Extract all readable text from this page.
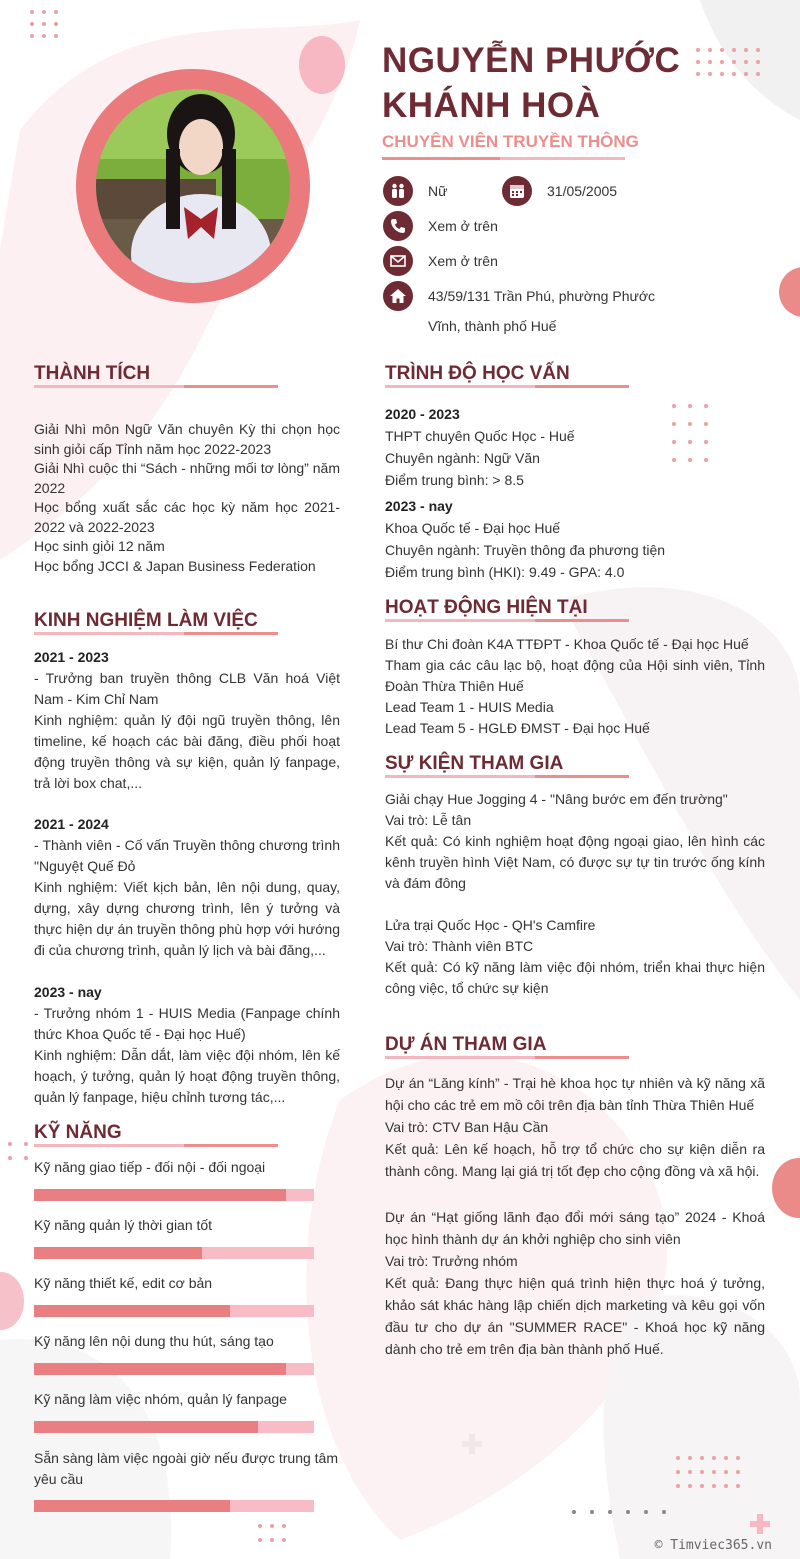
NGUYỄN PHƯỚC
KHÁNH HOÀ
CHUYÊN VIÊN TRUYỀN THÔNG
Nữ	31/05/2005
Xem ở trên
Xem ở trên
43/59/131 Trần Phú, phường Phước
Vĩnh, thành phố Huế
THÀNH TÍCH
Giải Nhì môn Ngữ Văn chuyên Kỳ thi chọn học sinh giỏi cấp Tỉnh năm học 2022-2023
Giải Nhì cuộc thi “Sách - những mối tơ lòng” năm 2022
Học bổng xuất sắc các học kỳ năm học 2021-2022 và 2022-2023
Học sinh giỏi 12 năm
Học bổng JCCI & Japan Business Federation
KINH NGHIỆM LÀM VIỆC
2021 - 2023
- Trưởng ban truyền thông CLB Văn hoá Việt Nam - Kim Chỉ Nam
Kinh nghiệm: quản lý đội ngũ truyền thông, lên timeline, kế hoạch các bài đăng, điều phối hoạt động truyền thông và sự kiện, quản lý fanpage, trả lời box chat,...
2021 - 2024
- Thành viên - Cố vấn Truyền thông chương trình "Nguyệt Quế Đỏ
Kinh nghiệm: Viết kịch bản, lên nội dung, quay, dựng, xây dựng chương trình, lên ý tưởng và thực hiện dự án truyền thông phù hợp với hướng đi của chương trình, quản lý lịch và bài đăng,...
2023 - nay
- Trưởng nhóm 1 - HUIS Media (Fanpage chính thức Khoa Quốc tế - Đại học Huế)
Kinh nghiệm: Dẫn dắt, làm việc đội nhóm, lên kế hoạch, ý tưởng, quản lý hoạt động truyền thông, quản lý fanpage, hiệu chỉnh tương tác,...
KỸ NĂNG
Kỹ năng giao tiếp - đối nội - đối ngoại
Kỹ năng quản lý thời gian tốt
Kỹ năng thiết kế, edit cơ bản
Kỹ năng lên nội dung thu hút, sáng tạo
Kỹ năng làm việc nhóm, quản lý fanpage
Sẵn sàng làm việc ngoài giờ nếu được trung tâm yêu cầu
TRÌNH ĐỘ HỌC VẤN
2020 - 2023
THPT chuyên Quốc Học - Huế
Chuyên ngành: Ngữ Văn
Điểm trung bình: > 8.5
2023 - nay
Khoa Quốc tế - Đại học Huế
Chuyên ngành: Truyền thông đa phương tiện
Điểm trung bình (HKI): 9.49 - GPA: 4.0
HOẠT ĐỘNG HIỆN TẠI
Bí thư Chi đoàn K4A TTĐPT - Khoa Quốc tế - Đại học Huế
Tham gia các câu lạc bộ, hoạt động của Hội sinh viên, Tỉnh Đoàn Thừa Thiên Huế
Lead Team 1 - HUIS Media
Lead Team 5 - HGLĐ ĐMST - Đại học Huế
SỰ KIỆN THAM GIA
Giải chạy Hue Jogging 4 - "Nâng bước em đến trường"
Vai trò: Lễ tân
Kết quả: Có kinh nghiệm hoạt động ngoại giao, lên hình các kênh truyền hình Việt Nam, có được sự tự tin trước ống kính và đám đông
Lửa trại Quốc Học - QH's Camfire
Vai trò: Thành viên BTC
Kết quả: Có kỹ năng làm việc đội nhóm, triển khai thực hiện công việc, tổ chức sự kiện
DỰ ÁN THAM GIA
Dự án “Lăng kính” - Trại hè khoa học tự nhiên và kỹ năng xã hội cho các trẻ em mồ côi trên địa bàn tỉnh Thừa Thiên Huế
Vai trò: CTV Ban Hậu Cần
Kết quả: Lên kế hoạch, hỗ trợ tổ chức cho sự kiện diễn ra thành công. Mang lại giá trị tốt đẹp cho cộng đồng và xã hội.
Dự án “Hạt giống lãnh đạo đổi mới sáng tạo” 2024 - Khoá học hình thành dự án khởi nghiệp cho sinh viên
Vai trò: Trưởng nhóm
Kết quả: Đang thực hiện quá trình hiện thực hoá ý tưởng, khảo sát khác hàng lập chiến dịch marketing và kêu gọi vốn đầu tư cho dự án "SUMMER RACE" - Khoá học kỹ năng dành cho trẻ em trên địa bàn thành phố Huế.
© Timviec365.vn
